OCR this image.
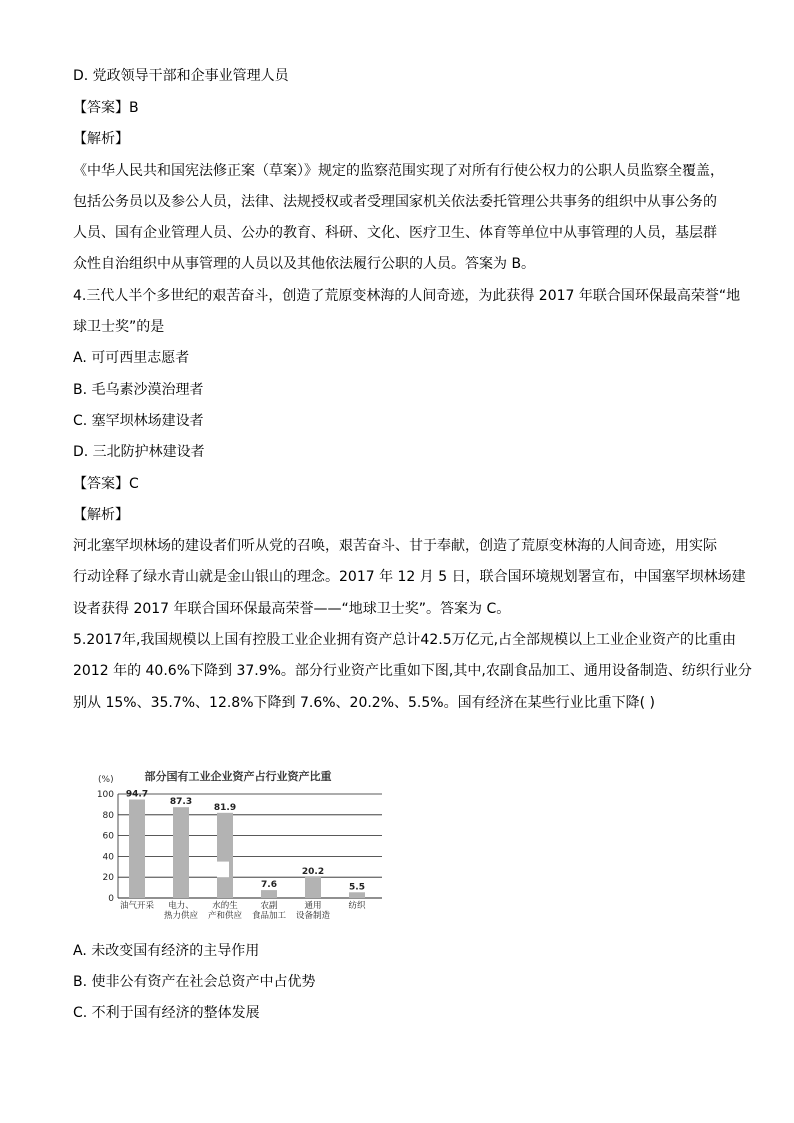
D. 党政领导干部和企事业管理人员
【答案】B
【解析】
《中华人民共和国宪法修正案（草案）》规定的监察范围实现了对所有行使公权力的公职人员监察全覆盖，
包括公务员以及参公人员，法律、法规授权或者受理国家机关依法委托管理公共事务的组织中从事公务的
人员、国有企业管理人员、公办的教育、科研、文化、医疗卫生、体育等单位中从事管理的人员，基层群
众性自治组织中从事管理的人员以及其他依法履行公职的人员。答案为 B。
4.三代人半个多世纪的艰苦奋斗，创造了荒原变林海的人间奇迹，为此获得 2017 年联合国环保最高荣誉“地
球卫士奖”的是
A. 可可西里志愿者
B. 毛乌素沙漠治理者
C. 塞罕坝林场建设者
D. 三北防护林建设者
【答案】C
【解析】
河北塞罕坝林场的建设者们听从党的召唤，艰苦奋斗、甘于奉献，创造了荒原变林海的人间奇迹，用实际
行动诠释了绿水青山就是金山银山的理念。2017 年 12 月 5 日，联合国环境规划署宣布，中国塞罕坝林场建
设者获得 2017 年联合国环保最高荣誉——“地球卫士奖”。答案为 C。
5.2017年,我国规模以上国有控股工业企业拥有资产总计42.5万亿元,占全部规模以上工业企业资产的比重由
2012 年的 40.6%下降到 37.9%。部分行业资产比重如下图,其中,农副食品加工、通用设备制造、纺织行业分
别从 15%、35.7%、12.8%下降到 7.6%、20.2%、5.5%。国有经济在某些行业比重下降( )
部分国有工业企业资产占行业资产比重
(%)
0
20
40
60
80
100 94.7
87.3
81.9
7.6
20.2
5.5
油气开采 电力、
热力供应
水的生
产和供应
农副
食品加工
通用
设备制造
纺织
A. 未改变国有经济的主导作用
B. 使非公有资产在社会总资产中占优势
C. 不利于国有经济的整体发展
